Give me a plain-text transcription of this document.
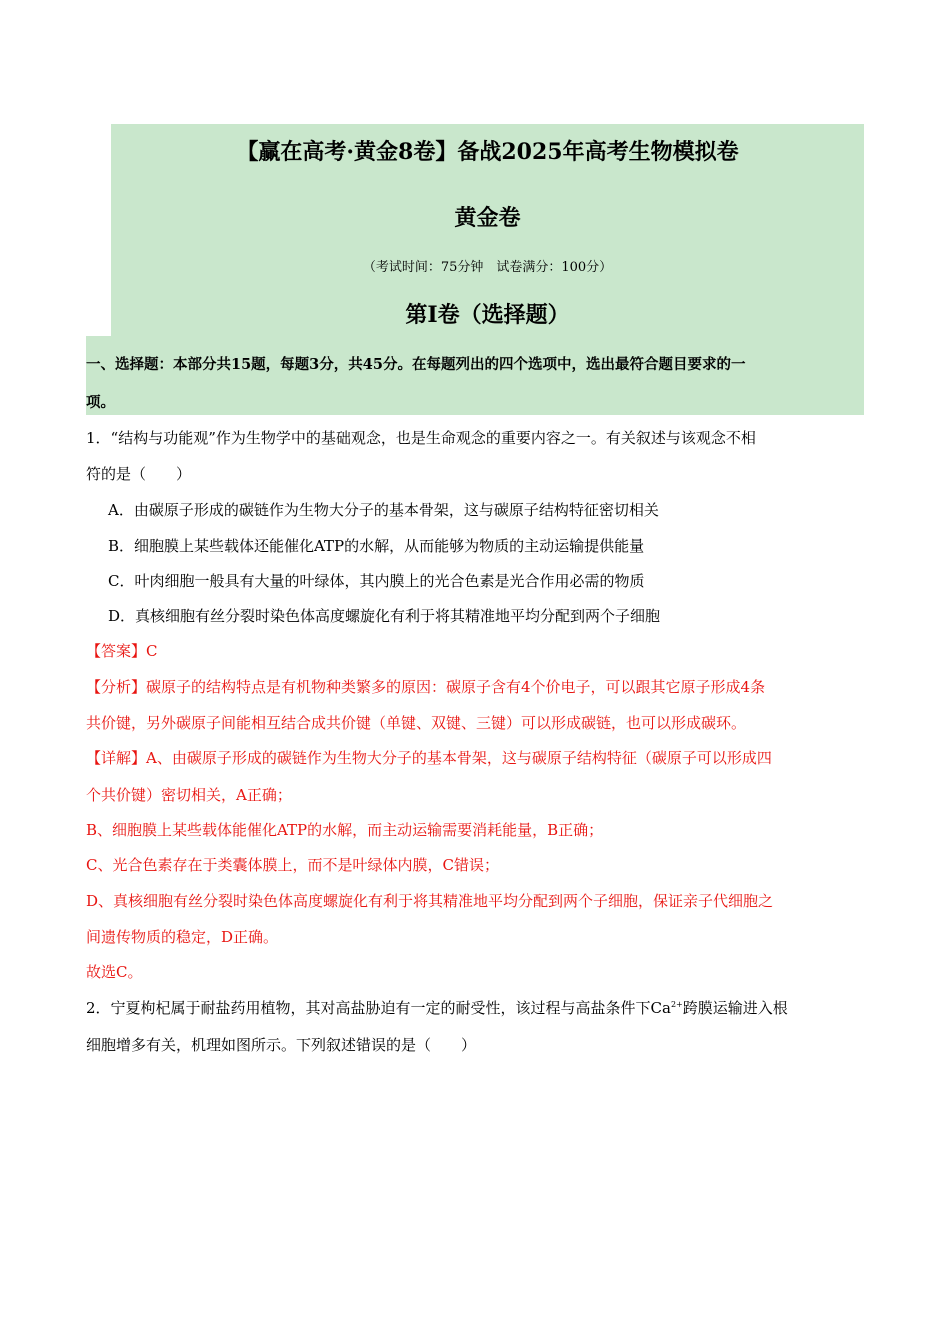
【赢在高考·黄金8卷】备战2025年高考生物模拟卷
黄金卷
（考试时间：75分钟　试卷满分：100分）
第I卷（选择题）
一、选择题：本部分共15题，每题3分，共45分。在每题列出的四个选项中，选出最符合题目要求的一
项。
1．“结构与功能观”作为生物学中的基础观念，也是生命观念的重要内容之一。有关叙述与该观念不相
符的是（　　）
A．由碳原子形成的碳链作为生物大分子的基本骨架，这与碳原子结构特征密切相关
B．细胞膜上某些载体还能催化ATP的水解，从而能够为物质的主动运输提供能量
C．叶肉细胞一般具有大量的叶绿体，其内膜上的光合色素是光合作用必需的物质
D．真核细胞有丝分裂时染色体高度螺旋化有利于将其精准地平均分配到两个子细胞
【答案】C
【分析】碳原子的结构特点是有机物种类繁多的原因：碳原子含有4个价电子，可以跟其它原子形成4条
共价键，另外碳原子间能相互结合成共价键（单键、双键、三键）可以形成碳链，也可以形成碳环。
【详解】A、由碳原子形成的碳链作为生物大分子的基本骨架，这与碳原子结构特征（碳原子可以形成四
个共价键）密切相关，A正确；
B、细胞膜上某些载体能催化ATP的水解，而主动运输需要消耗能量，B正确；
C、光合色素存在于类囊体膜上，而不是叶绿体内膜，C错误；
D、真核细胞有丝分裂时染色体高度螺旋化有利于将其精准地平均分配到两个子细胞，保证亲子代细胞之
间遗传物质的稳定，D正确。
故选C。
2．宁夏枸杞属于耐盐药用植物，其对高盐胁迫有一定的耐受性，该过程与高盐条件下$Ca^{2+}$跨膜运输进入根
细胞增多有关，机理如图所示。下列叙述错误的是（　　）
